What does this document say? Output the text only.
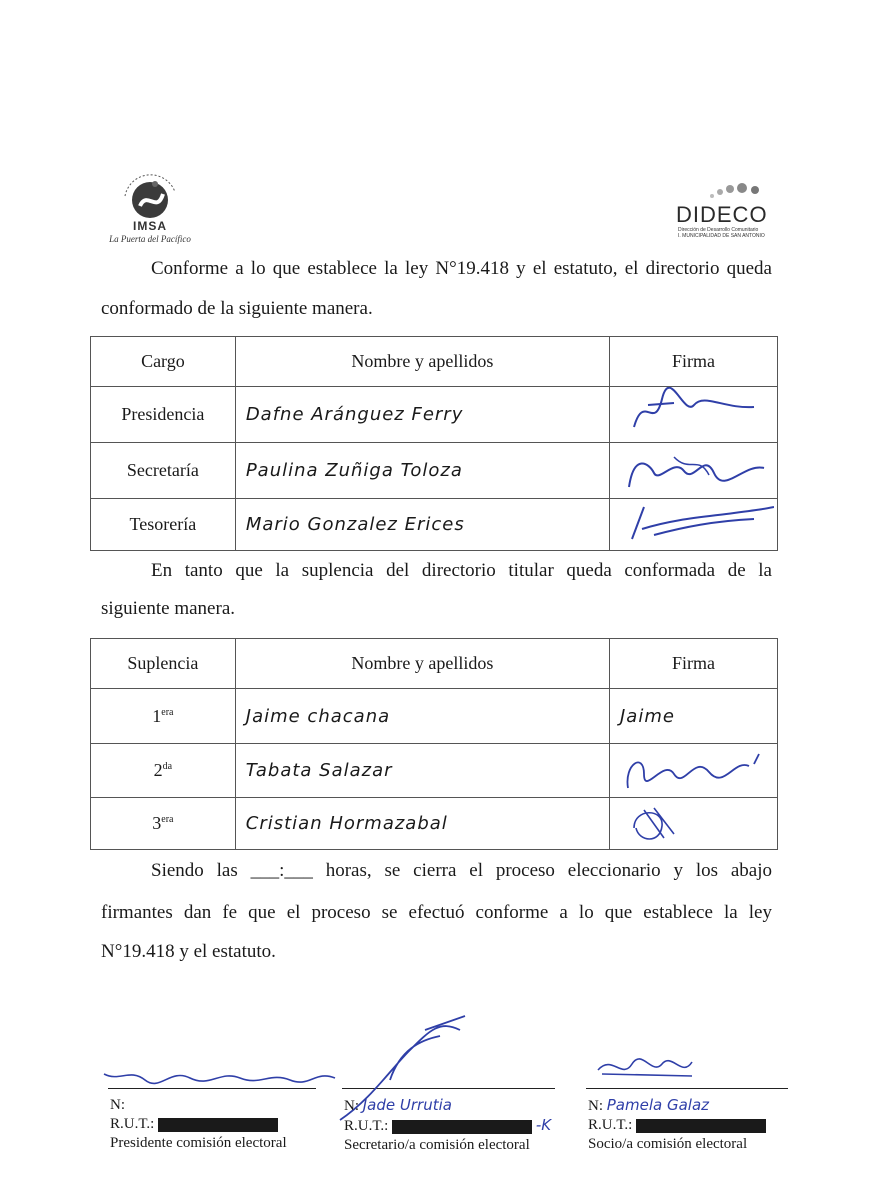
IMSA
La Puerta del Pacífico
DIDECO
Dirección de Desarrollo Comunitario
I. MUNICIPALIDAD DE SAN ANTONIO
Conforme a lo que establece la ley N°19.418 y el estatuto, el directorio queda
conformado de la siguiente manera.
Cargo	Nombre y apellidos	Firma
Presidencia	Dafne Aránguez Ferry	
Secretaría	Paulina Zuñiga Toloza	
Tesorería	Mario Gonzalez Erices	
En tanto que la suplencia del directorio titular queda conformada de la
siguiente manera.
Suplencia	Nombre y apellidos	Firma
$1^{era}$	Jaime chacana	Jaime
$2^{da}$	Tabata Salazar	
$3^{era}$	Cristian Hormazabal	
Siendo las ___:___ horas, se cierra el proceso eleccionario y los abajo
firmantes dan fe que el proceso se efectuó conforme a lo que establece la ley
N°19.418 y el estatuto.
N:
R.U.T.:
Presidente comisión electoral
N: Jade Urrutia
R.U.T.:	-K
Secretario/a comisión electoral
N: Pamela Galaz
R.U.T.:
Socio/a comisión electoral
